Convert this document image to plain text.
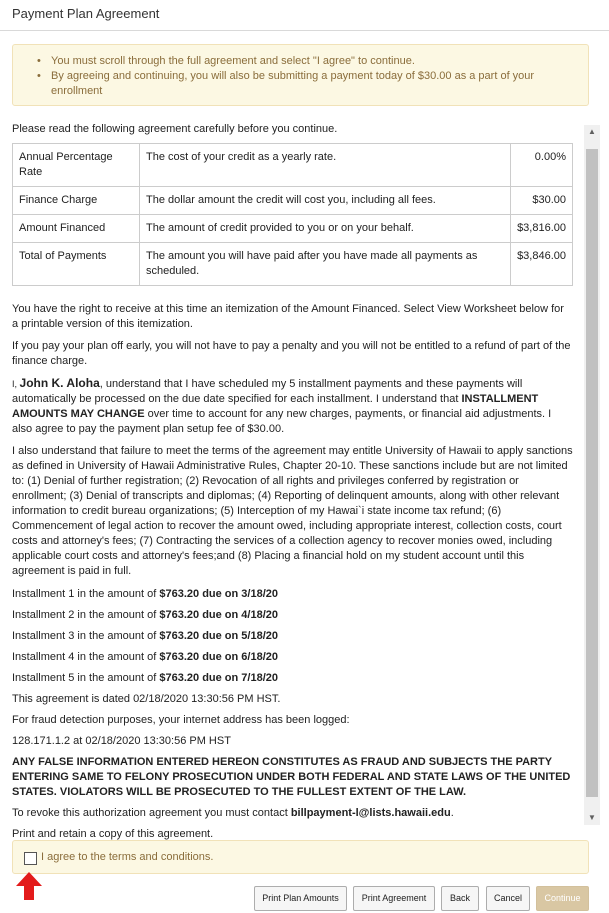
Payment Plan Agreement
• You must scroll through the full agreement and select "I agree" to continue.
• By agreeing and continuing, you will also be submitting a payment today of $30.00 as a part of your enrollment

Please read the following agreement carefully before you continue.

Annual Percentage Rate	The cost of your credit as a yearly rate.	0.00%
Finance Charge	The dollar amount the credit will cost you, including all fees.	$30.00
Amount Financed	The amount of credit provided to you or on your behalf.	$3,816.00
Total of Payments	The amount you will have paid after you have made all payments as scheduled.	$3,846.00

You have the right to receive at this time an itemization of the Amount Financed. Select View Worksheet below for a printable version of this itemization.

If you pay your plan off early, you will not have to pay a penalty and you will not be entitled to a refund of part of the finance charge.

I, John K. Aloha, understand that I have scheduled my 5 installment payments and these payments will automatically be processed on the due date specified for each installment. I understand that INSTALLMENT AMOUNTS MAY CHANGE over time to account for any new charges, payments, or financial aid adjustments. I also agree to pay the payment plan setup fee of $30.00.

I also understand that failure to meet the terms of the agreement may entitle University of Hawaii to apply sanctions as defined in University of Hawaii Administrative Rules, Chapter 20-10. These sanctions include but are not limited to: (1) Denial of further registration; (2) Revocation of all rights and privileges conferred by registration or enrollment; (3) Denial of transcripts and diplomas; (4) Reporting of delinquent amounts, along with other relevant information to credit bureau organizations; (5) Interception of my Hawai`i state income tax refund; (6) Commencement of legal action to recover the amount owed, including appropriate interest, collection costs, court costs and attorney's fees; (7) Contracting the services of a collection agency to recover monies owed, including applicable court costs and attorney's fees;and (8) Placing a financial hold on my student account until this agreement is paid in full.

Installment 1 in the amount of $763.20 due on 3/18/20

Installment 2 in the amount of $763.20 due on 4/18/20

Installment 3 in the amount of $763.20 due on 5/18/20

Installment 4 in the amount of $763.20 due on 6/18/20

Installment 5 in the amount of $763.20 due on 7/18/20

This agreement is dated 02/18/2020 13:30:56 PM HST.

For fraud detection purposes, your internet address has been logged:

128.171.1.2 at 02/18/2020 13:30:56 PM HST

ANY FALSE INFORMATION ENTERED HEREON CONSTITUTES AS FRAUD AND SUBJECTS THE PARTY ENTERING SAME TO FELONY PROSECUTION UNDER BOTH FEDERAL AND STATE LAWS OF THE UNITED STATES. VIOLATORS WILL BE PROSECUTED TO THE FULLEST EXTENT OF THE LAW.

To revoke this authorization agreement you must contact billpayment-l@lists.hawaii.edu.

Print and retain a copy of this agreement.

▲
▼
I agree to the terms and conditions.
Print Plan Amounts	Print Agreement	Back	Cancel	Continue
